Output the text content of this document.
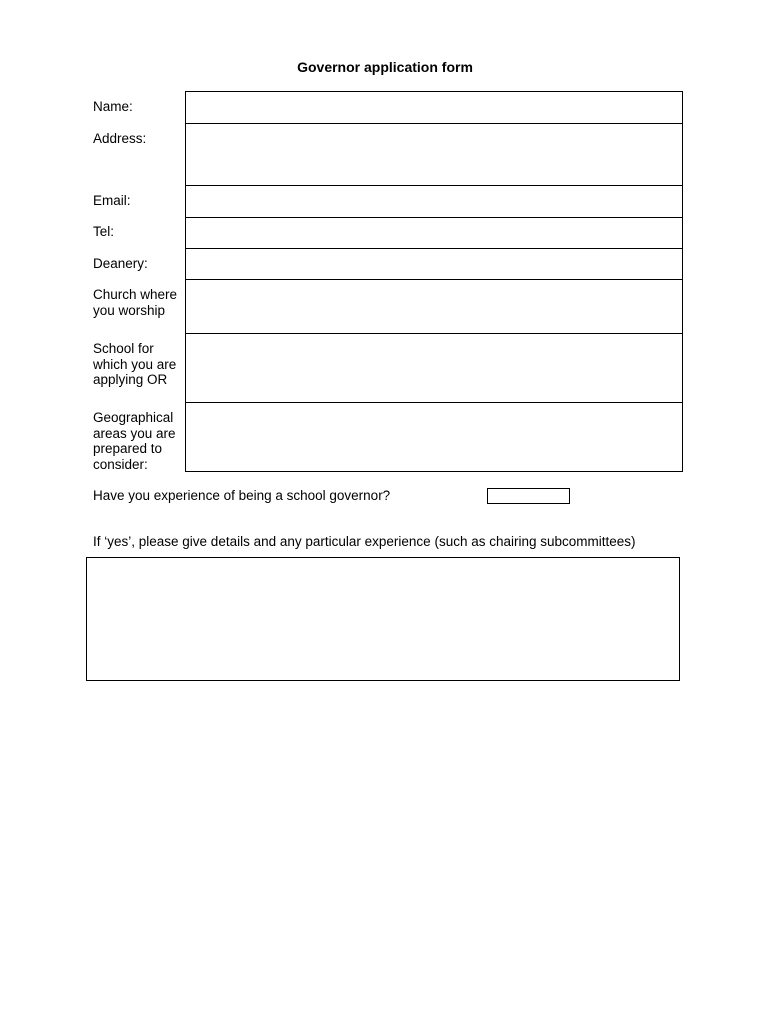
Governor application form
Name:
Address:
Email:
Tel:
Deanery:
Church where you worship
School for which you are applying OR
Geographical areas you are prepared to consider:
Have you experience of being a school governor?
If ‘yes’, please give details and any particular experience (such as chairing subcommittees)
